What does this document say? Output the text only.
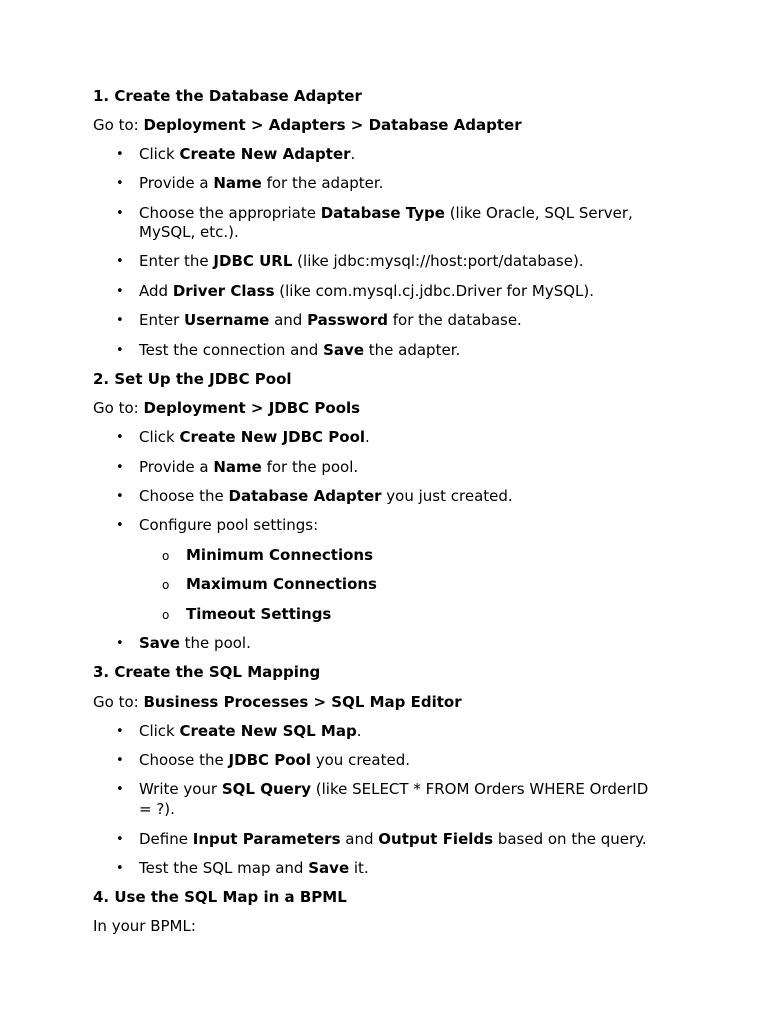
1. Create the Database Adapter
Go to: Deployment > Adapters > Database Adapter
• Click Create New Adapter.
• Provide a Name for the adapter.
• Choose the appropriate Database Type (like Oracle, SQL Server,
MySQL, etc.).
• Enter the JDBC URL (like jdbc:mysql://host:port/database).
• Add Driver Class (like com.mysql.cj.jdbc.Driver for MySQL).
• Enter Username and Password for the database.
• Test the connection and Save the adapter.
2. Set Up the JDBC Pool
Go to: Deployment > JDBC Pools
• Click Create New JDBC Pool.
• Provide a Name for the pool.
• Choose the Database Adapter you just created.
• Configure pool settings:
o Minimum Connections
o Maximum Connections
o Timeout Settings
• Save the pool.
3. Create the SQL Mapping
Go to: Business Processes > SQL Map Editor
• Click Create New SQL Map.
• Choose the JDBC Pool you created.
• Write your SQL Query (like SELECT * FROM Orders WHERE OrderID
= ?).
• Define Input Parameters and Output Fields based on the query.
• Test the SQL map and Save it.
4. Use the SQL Map in a BPML
In your BPML:
